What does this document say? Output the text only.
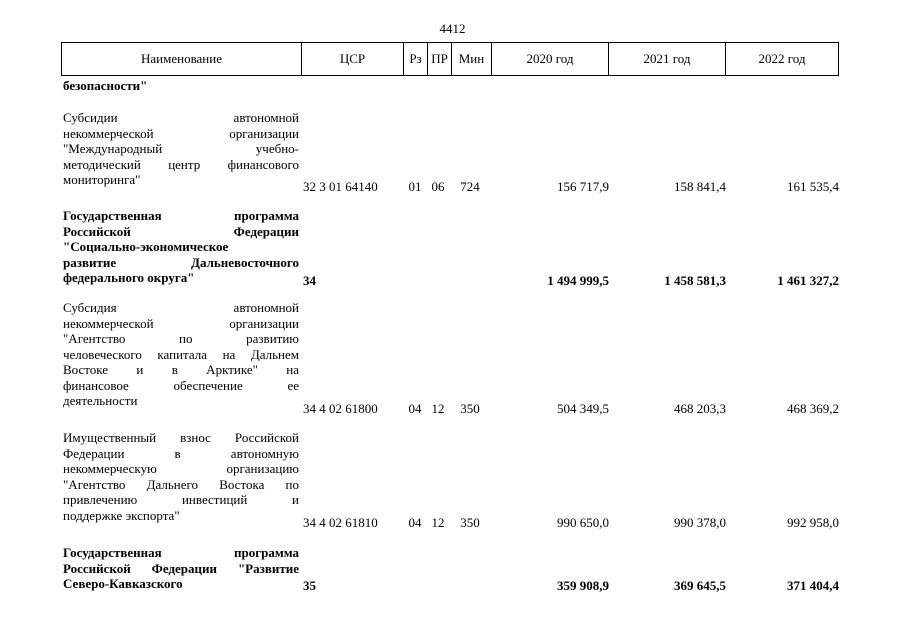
4412
Наименование	ЦСР	Рз ПР Мин	2020 год	2021 год	2022 год
безопасности"
Субсидии автономной
некоммерческой организации
"Международный учебно-
методический центр финансового
мониторинга"	32 3 01 64140	01 06	724	156 717,9	158 841,4	161 535,4
Государственная программа
Российской Федерации
"Социально-экономическое
развитие Дальневосточного
федерального округа"	34	1 494 999,5	1 458 581,3	1 461 327,2
Субсидия автономной
некоммерческой организации
"Агентство по развитию
человеческого капитала на Дальнем
Востоке и в Арктике" на
финансовое обеспечение ее
деятельности	34 4 02 61800	04 12	350	504 349,5	468 203,3	468 369,2
Имущественный взнос Российской
Федерации в автономную
некоммерческую организацию
"Агентство Дальнего Востока по
привлечению инвестиций и
поддержке экспорта"	34 4 02 61810	04 12	350	990 650,0	990 378,0	992 958,0
Государственная программа
Российской Федерации "Развитие
Северо-Кавказского	35	359 908,9	369 645,5	371 404,4
